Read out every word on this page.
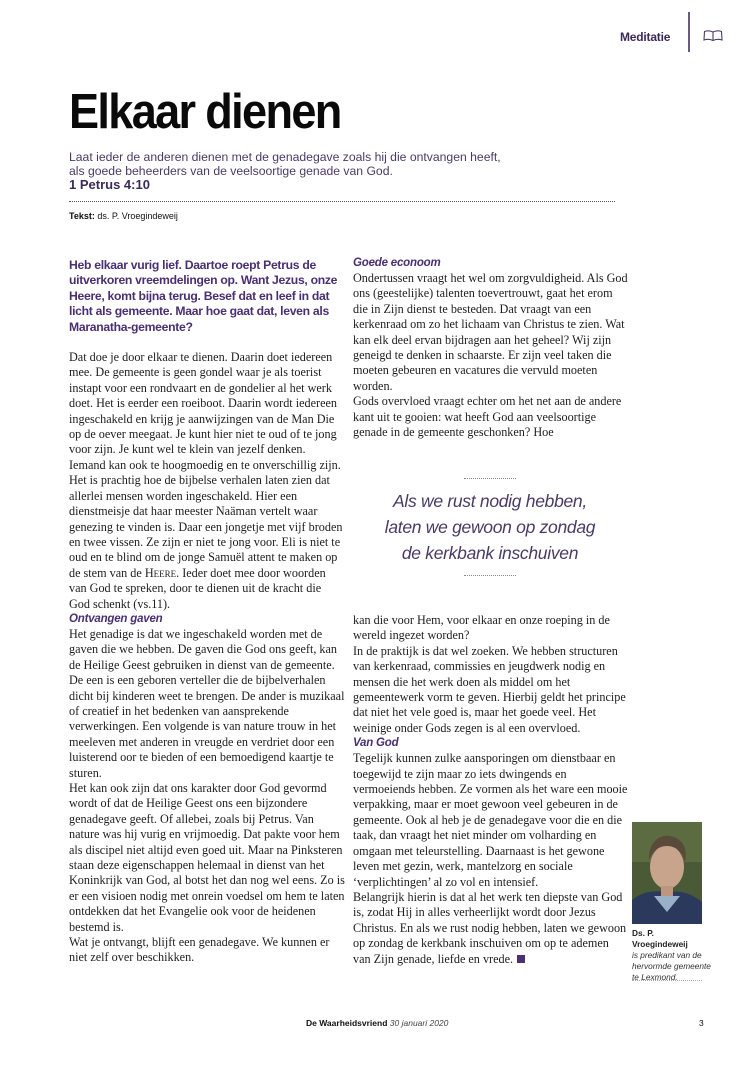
Meditatie
Elkaar dienen
Laat ieder de anderen dienen met de genadegave zoals hij die ontvangen heeft,
als goede beheerders van de veelsoortige genade van God.
1 Petrus 4:10
Tekst: ds. P. Vroegindeweij

Heb elkaar vurig lief. Daartoe roept Petrus de uitverkoren vreemdelingen op. Want Jezus, onze Heere, komt bijna terug. Besef dat en leef in dat licht als gemeente. Maar hoe gaat dat, leven als Maranatha-gemeente?

Dat doe je door elkaar te dienen. Daarin doet iedereen mee. De gemeente is geen gondel waar je als toerist instapt voor een rondvaart en de gondelier al het werk doet. Het is eerder een roeiboot. Daarin wordt iedereen ingeschakeld en krijg je aanwijzingen van de Man Die op de oever meegaat. Je kunt hier niet te oud of te jong voor zijn. Je kunt wel te klein van jezelf denken. Iemand kan ook te hoogmoedig en te onverschillig zijn.

Het is prachtig hoe de bijbelse verhalen laten zien dat allerlei mensen worden ingeschakeld. Hier een dienstmeisje dat haar meester Naäman vertelt waar genezing te vinden is. Daar een jongetje met vijf broden en twee vissen. Ze zijn er niet te jong voor. Eli is niet te oud en te blind om de jonge Samuël attent te maken op de stem van de Heere. Ieder doet mee door woorden van God te spreken, door te dienen uit de kracht die God schenkt (vs.11).

Ontvangen gaven

Het genadige is dat we ingeschakeld worden met de gaven die we hebben. De gaven die God ons geeft, kan de Heilige Geest gebruiken in dienst van de gemeente. De een is een geboren verteller die de bijbelverhalen dicht bij kinderen weet te brengen. De ander is muzikaal of creatief in het bedenken van aansprekende verwerkingen. Een volgende is van nature trouw in het meeleven met anderen in vreugde en verdriet door een luisterend oor te bieden of een bemoedigend kaartje te sturen.

Het kan ook zijn dat ons karakter door God gevormd wordt of dat de Heilige Geest ons een bijzondere genadegave geeft. Of allebei, zoals bij Petrus. Van nature was hij vurig en vrijmoedig. Dat pakte voor hem als discipel niet altijd even goed uit. Maar na Pinksteren staan deze eigenschappen helemaal in dienst van het Koninkrijk van God, al botst het dan nog wel eens. Zo is er een visioen nodig met onrein voedsel om hem te laten ontdekken dat het Evangelie ook voor de heidenen bestemd is.

Wat je ontvangt, blijft een genadegave. We kunnen er niet zelf over beschikken.

Goede econoom

Ondertussen vraagt het wel om zorgvuldigheid. Als God ons (geestelijke) talenten toevertrouwt, gaat het erom die in Zijn dienst te besteden. Dat vraagt van een kerkenraad om zo het lichaam van Christus te zien. Wat kan elk deel ervan bijdragen aan het geheel? Wij zijn geneigd te denken in schaarste. Er zijn veel taken die moeten gebeuren en vacatures die vervuld moeten worden.

Gods overvloed vraagt echter om het net aan de andere kant uit te gooien: wat heeft God aan veelsoortige genade in de gemeente geschonken? Hoe

Als we rust nodig hebben,
laten we gewoon op zondag
de kerkbank inschuiven

kan die voor Hem, voor elkaar en onze roeping in de wereld ingezet worden?

In de praktijk is dat wel zoeken. We hebben structuren van kerkenraad, commissies en jeugdwerk nodig en mensen die het werk doen als middel om het gemeentewerk vorm te geven. Hierbij geldt het principe dat niet het vele goed is, maar het goede veel. Het weinige onder Gods zegen is al een overvloed.

Van God

Tegelijk kunnen zulke aansporingen om dienstbaar en toegewijd te zijn maar zo iets dwingends en vermoeiends hebben. Ze vormen als het ware een mooie verpakking, maar er moet gewoon veel gebeuren in de gemeente. Ook al heb je de genadegave voor die en die taak, dan vraagt het niet minder om volharding en omgaan met teleurstelling. Daarnaast is het gewone leven met gezin, werk, mantelzorg en sociale ‘verplichtingen’ al zo vol en intensief.

Belangrijk hierin is dat al het werk ten diepste van God is, zodat Hij in alles verheerlijkt wordt door Jezus Christus. En als we rust nodig hebben, laten we gewoon op zondag de kerkbank inschuiven om op te ademen van Zijn genade, liefde en vrede.

Ds. P. Vroegindeweij
is predikant van de hervormde gemeente te Lexmond.
De Waarheidsvriend 30 januari 2020	3
